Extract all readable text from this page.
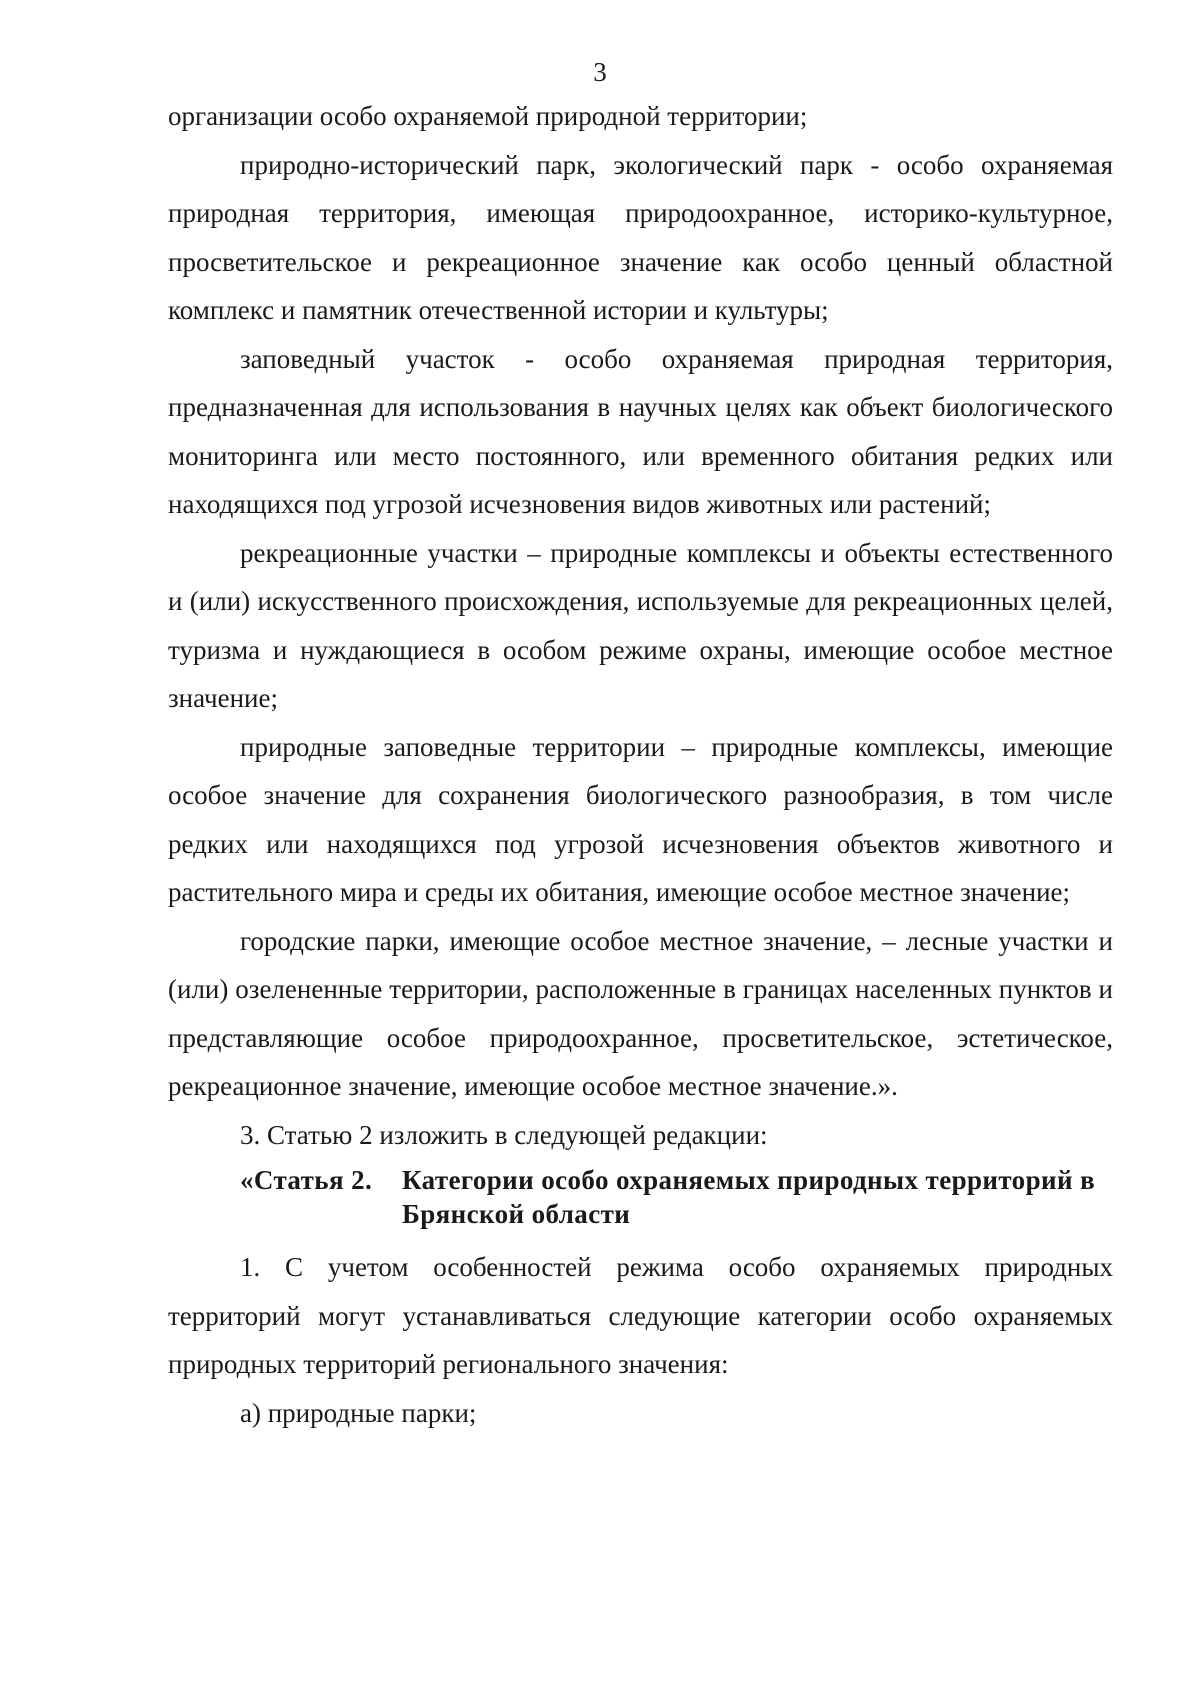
3

организации особо охраняемой природной территории;

природно-исторический парк, экологический парк - особо охраняемая природная территория, имеющая природоохранное, историко-культурное, просветительское и рекреационное значение как особо ценный областной комплекс и памятник отечественной истории и культуры;

заповедный участок - особо охраняемая природная территория, предназначенная для использования в научных целях как объект биологического мониторинга или место постоянного, или временного обитания редких или находящихся под угрозой исчезновения видов животных или растений;

рекреационные участки – природные комплексы и объекты естественного и (или) искусственного происхождения, используемые для рекреационных целей, туризма и нуждающиеся в особом режиме охраны, имеющие особое местное значение;

природные заповедные территории – природные комплексы, имеющие особое значение для сохранения биологического разнообразия, в том числе редких или находящихся под угрозой исчезновения объектов животного и растительного мира и среды их обитания, имеющие особое местное значение;

городские парки, имеющие особое местное значение, – лесные участки и (или) озелененные территории, расположенные в границах населенных пунктов и представляющие особое природоохранное, просветительское, эстетическое, рекреационное значение, имеющие особое местное значение.».

3. Статью 2 изложить в следующей редакции:

«Статья 2.	Категории особо охраняемых природных территорий в Брянской области

1. С учетом особенностей режима особо охраняемых природных территорий могут устанавливаться следующие категории особо охраняемых природных территорий регионального значения:

а) природные парки;
